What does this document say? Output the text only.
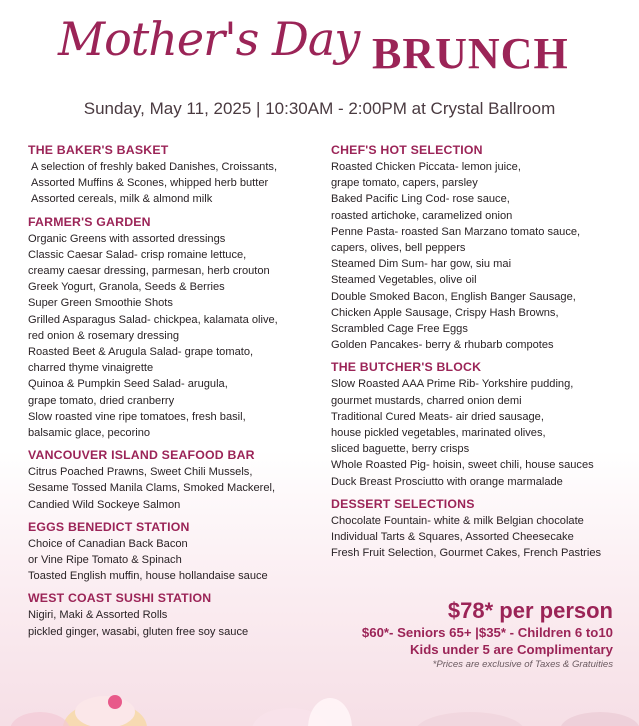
Mother's Day BRUNCH
Sunday, May 11, 2025 | 10:30AM - 2:00PM at Crystal Ballroom
THE BAKER'S BASKET
A selection of freshly baked Danishes, Croissants,
Assorted Muffins & Scones, whipped herb butter
Assorted cereals, milk & almond milk
FARMER'S GARDEN
Organic Greens with assorted dressings
Classic Caesar Salad- crisp romaine lettuce,
creamy caesar dressing, parmesan, herb crouton
Greek Yogurt, Granola, Seeds & Berries
Super Green Smoothie Shots
Grilled Asparagus Salad- chickpea, kalamata olive,
red onion & rosemary dressing
Roasted Beet & Arugula Salad- grape tomato,
charred thyme vinaigrette
Quinoa & Pumpkin Seed Salad- arugula,
grape tomato, dried cranberry
Slow roasted vine ripe tomatoes, fresh basil,
balsamic glace, pecorino
VANCOUVER ISLAND SEAFOOD BAR
Citrus Poached Prawns, Sweet Chili Mussels,
Sesame Tossed Manila Clams, Smoked Mackerel,
Candied Wild Sockeye Salmon
EGGS BENEDICT STATION
Choice of Canadian Back Bacon
or Vine Ripe Tomato & Spinach
Toasted English muffin, house hollandaise sauce
WEST COAST SUSHI STATION
Nigiri, Maki & Assorted Rolls
pickled ginger, wasabi, gluten free soy sauce
CHEF'S HOT SELECTION
Roasted Chicken Piccata- lemon juice,
grape tomato, capers, parsley
Baked Pacific Ling Cod- rose sauce,
roasted artichoke, caramelized onion
Penne Pasta- roasted San Marzano tomato sauce,
capers, olives, bell peppers
Steamed Dim Sum- har gow, siu mai
Steamed Vegetables, olive oil
Double Smoked Bacon, English Banger Sausage,
Chicken Apple Sausage, Crispy Hash Browns,
Scrambled Cage Free Eggs
Golden Pancakes- berry & rhubarb compotes
THE BUTCHER'S BLOCK
Slow Roasted AAA Prime Rib- Yorkshire pudding,
gourmet mustards, charred onion demi
Traditional Cured Meats- air dried sausage,
house pickled vegetables, marinated olives,
sliced baguette, berry crisps
Whole Roasted Pig- hoisin, sweet chili, house sauces
Duck Breast Prosciutto with orange marmalade
DESSERT SELECTIONS
Chocolate Fountain- white & milk Belgian chocolate
Individual Tarts & Squares, Assorted Cheesecake
Fresh Fruit Selection, Gourmet Cakes, French Pastries
$78* per person
$60*- Seniors 65+ |$35* - Children 6 to10
Kids under 5 are Complimentary
*Prices are exclusive of Taxes & Gratuities
